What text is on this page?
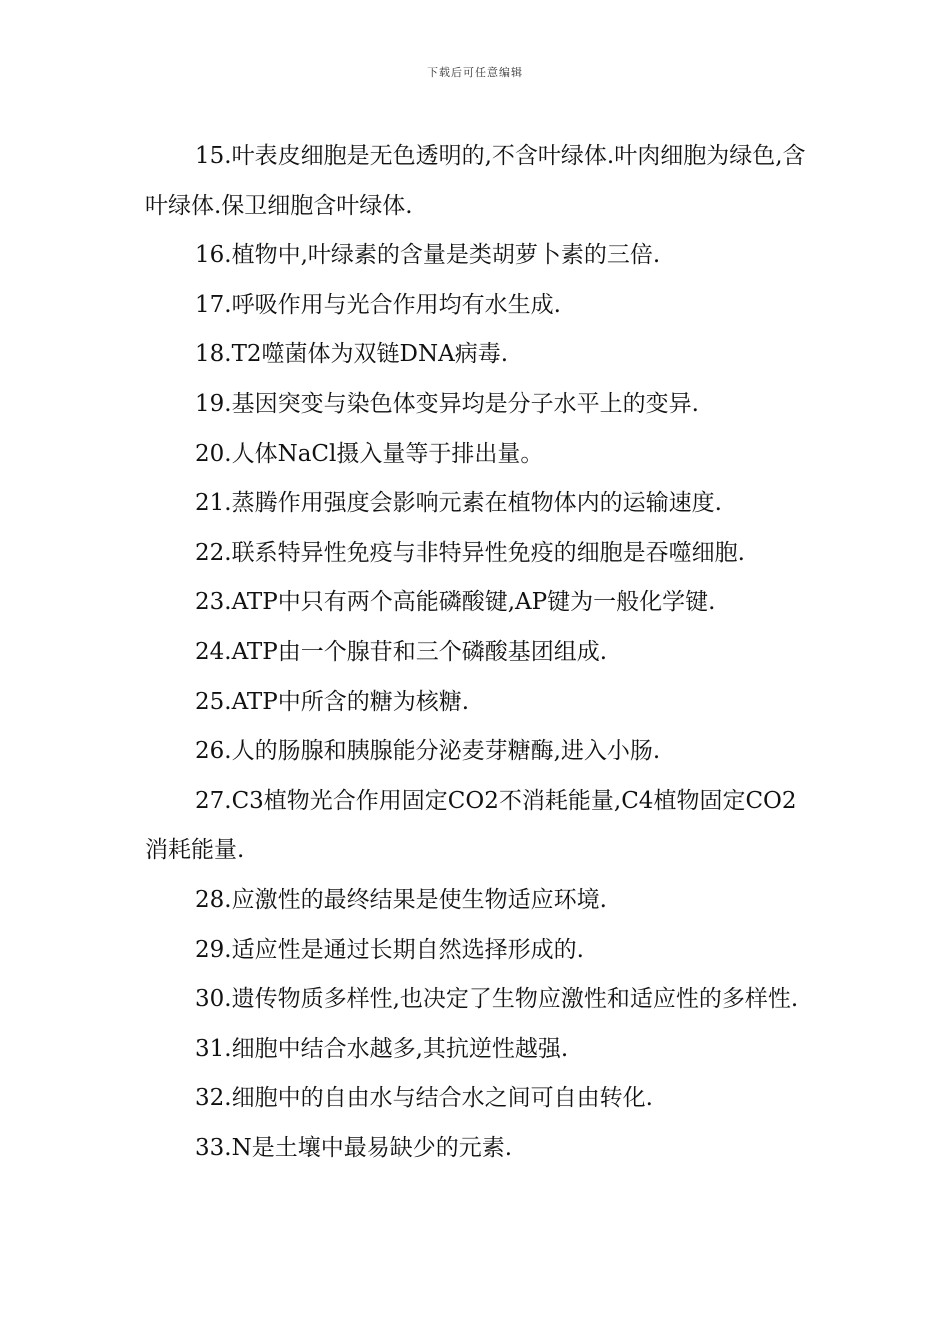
下载后可任意编辑

15.叶表皮细胞是无色透明的,不含叶绿体.叶肉细胞为绿色,含叶绿体.保卫细胞含叶绿体.

16.植物中,叶绿素的含量是类胡萝卜素的三倍.

17.呼吸作用与光合作用均有水生成.

18.T2噬菌体为双链DNA病毒.

19.基因突变与染色体变异均是分子水平上的变异.

20.人体NaCl摄入量等于排出量。

21.蒸腾作用强度会影响元素在植物体内的运输速度.

22.联系特异性免疫与非特异性免疫的细胞是吞噬细胞.

23.ATP中只有两个高能磷酸键,AP键为一般化学键.

24.ATP由一个腺苷和三个磷酸基团组成.

25.ATP中所含的糖为核糖.

26.人的肠腺和胰腺能分泌麦芽糖酶,进入小肠.

27.C3植物光合作用固定CO2不消耗能量,C4植物固定CO2消耗能量.

28.应激性的最终结果是使生物适应环境.

29.适应性是通过长期自然选择形成的.

30.遗传物质多样性,也决定了生物应激性和适应性的多样性.

31.细胞中结合水越多,其抗逆性越强.

32.细胞中的自由水与结合水之间可自由转化.

33.N是土壤中最易缺少的元素.
